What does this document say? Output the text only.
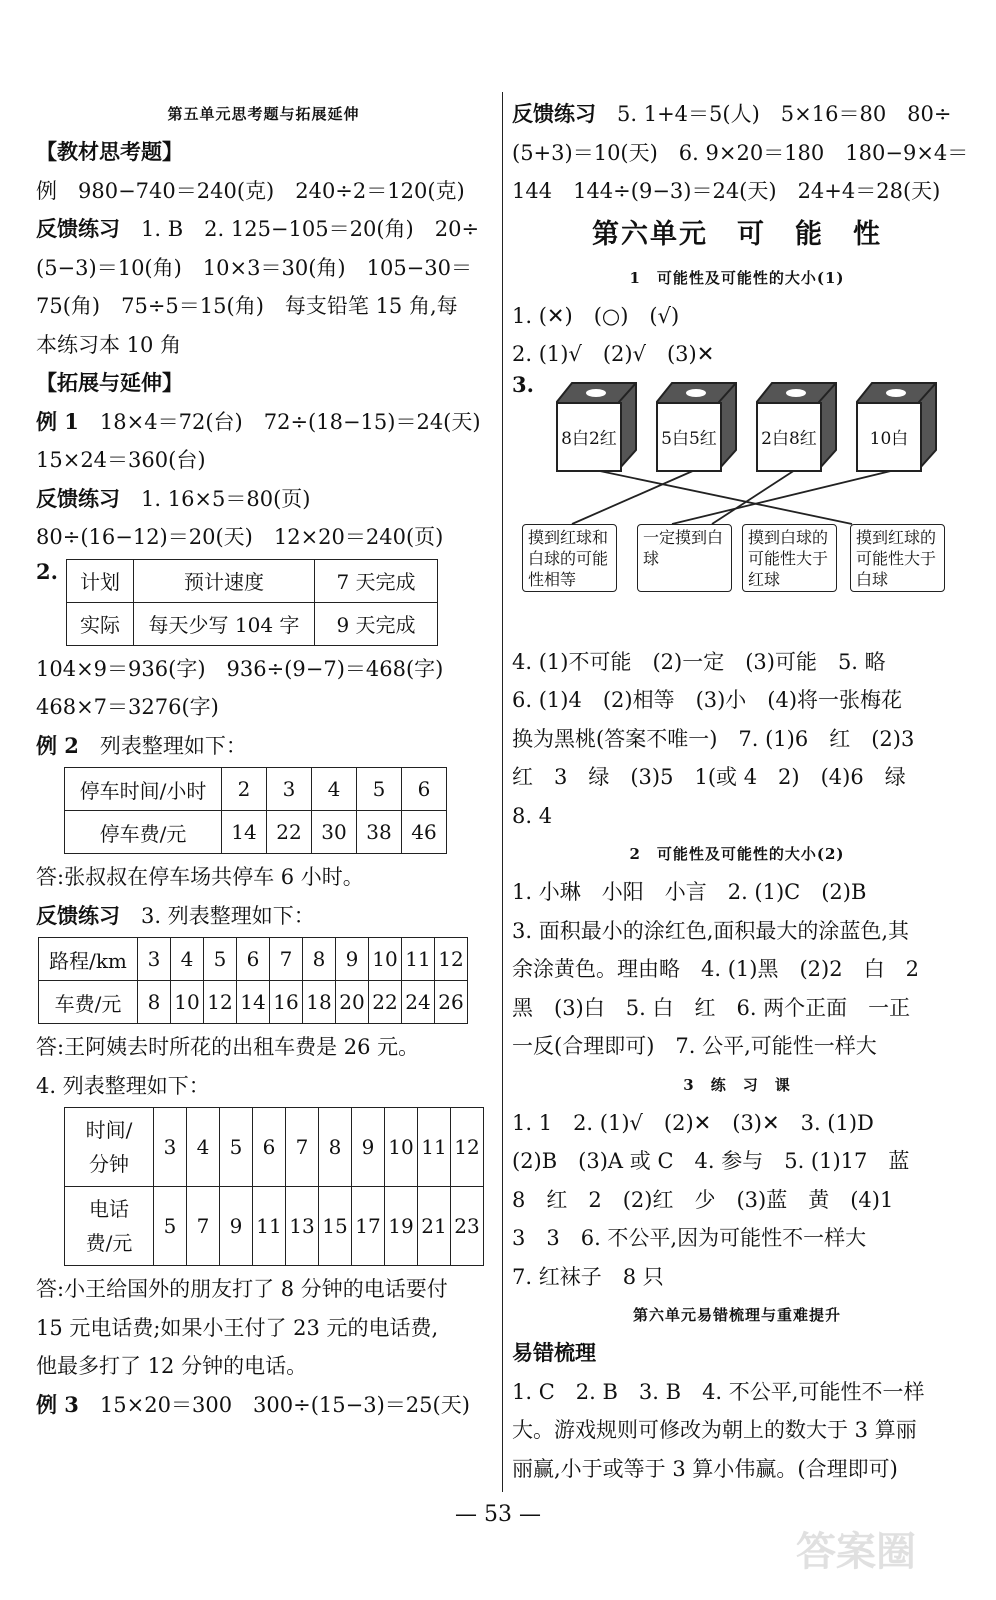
第五单元思考题与拓展延伸
【教材思考题】
例　980−740＝240(克)　240÷2＝120(克)
反馈练习　1. B　2. 125−105＝20(角)　20÷
(5−3)＝10(角)　10×3＝30(角)　105−30＝
75(角)　75÷5＝15(角)　每支铅笔 15 角,每
本练习本 10 角
【拓展与延伸】
例 1　18×4＝72(台)　72÷(18−15)＝24(天)
15×24＝360(台)
反馈练习　1. 16×5＝80(页)
80÷(16−12)＝20(天)　12×20＝240(页)
2. 计划	预计速度	7 天完成
实际	每天少写 104 字	9 天完成
104×9＝936(字)　936÷(9−7)＝468(字)
468×7＝3276(字)
例 2　列表整理如下：
停车时间/小时	2	3	4	5	6
停车费/元	14	22	30	38	46
答:张叔叔在停车场共停车 6 小时。
反馈练习　3. 列表整理如下：
路程/km	3	4	5	6	7	8	9	10	11	12
车费/元	8	10	12	14	16	18	20	22	24	26
答:王阿姨去时所花的出租车费是 26 元。
4. 列表整理如下：
时间/
分钟	3	4	5	6	7	8	9	10	11	12
电话
费/元	5	7	9	11	13	15	17	19	21	23
答:小王给国外的朋友打了 8 分钟的电话要付
15 元电话费;如果小王付了 23 元的电话费,
他最多打了 12 分钟的电话。
例 3　15×20＝300　300÷(15−3)＝25(天)
反馈练习　5. 1+4＝5(人)　5×16＝80　80÷
(5+3)＝10(天)　6. 9×20＝180　180−9×4＝
144　144÷(9−3)＝24(天)　24+4＝28(天)
第六单元　可　能　性
1　可能性及可能性的大小(1)
1. (✕)　(○)　(√)
2. (1)√　(2)√　(3)✕
3.
8白2红	5白5红	2白8红	10白
摸到红球和白球的可能性相等
一定摸到白球
摸到白球的可能性大于红球
摸到红球的可能性大于白球
4. (1)不可能　(2)一定　(3)可能　5. 略
6. (1)4　(2)相等　(3)小　(4)将一张梅花
换为黑桃(答案不唯一)　7. (1)6　红　(2)3
红　3　绿　(3)5　1(或 4　2)　(4)6　绿
8. 4
2　可能性及可能性的大小(2)
1. 小琳　小阳　小言　2. (1)C　(2)B
3. 面积最小的涂红色,面积最大的涂蓝色,其
余涂黄色。理由略　4. (1)黑　(2)2　白　2
黑　(3)白　5. 白　红　6. 两个正面　一正
一反(合理即可)　7. 公平,可能性一样大
3　练　习　课
1. 1　2. (1)√　(2)✕　(3)✕　3. (1)D
(2)B　(3)A 或 C　4. 参与　5. (1)17　蓝
8　红　2　(2)红　少　(3)蓝　黄　(4)1
3　3　6. 不公平,因为可能性不一样大
7. 红袜子　8 只
第六单元易错梳理与重难提升
易错梳理
1. C　2. B　3. B　4. 不公平,可能性不一样
大。游戏规则可修改为朝上的数大于 3 算丽
丽赢,小于或等于 3 算小伟赢。(合理即可)
— 53 —
答案圈
